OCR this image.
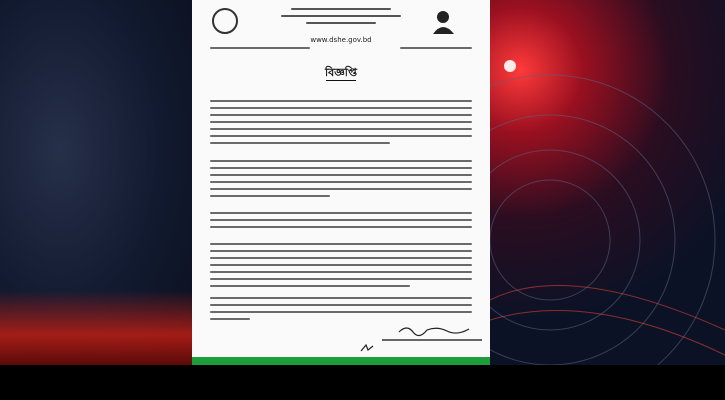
www.dshe.gov.bd
বিজ্ঞপ্তি
